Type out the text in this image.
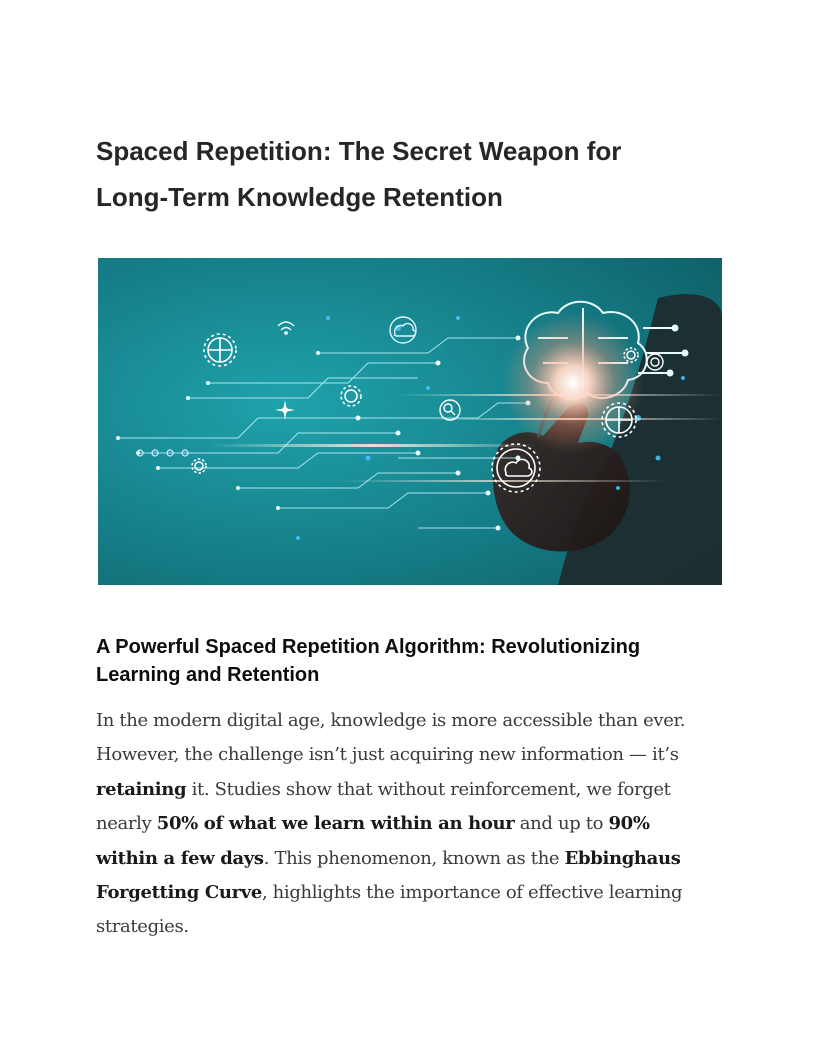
Spaced Repetition: The Secret Weapon for
Long-Term Knowledge Retention
A Powerful Spaced Repetition Algorithm: Revolutionizing
Learning and Retention

In the modern digital age, knowledge is more accessible than ever.
However, the challenge isn’t just acquiring new information — it’s
retaining it. Studies show that without reinforcement, we forget
nearly 50% of what we learn within an hour and up to 90%
within a few days. This phenomenon, known as the Ebbinghaus
Forgetting Curve, highlights the importance of effective learning
strategies.
